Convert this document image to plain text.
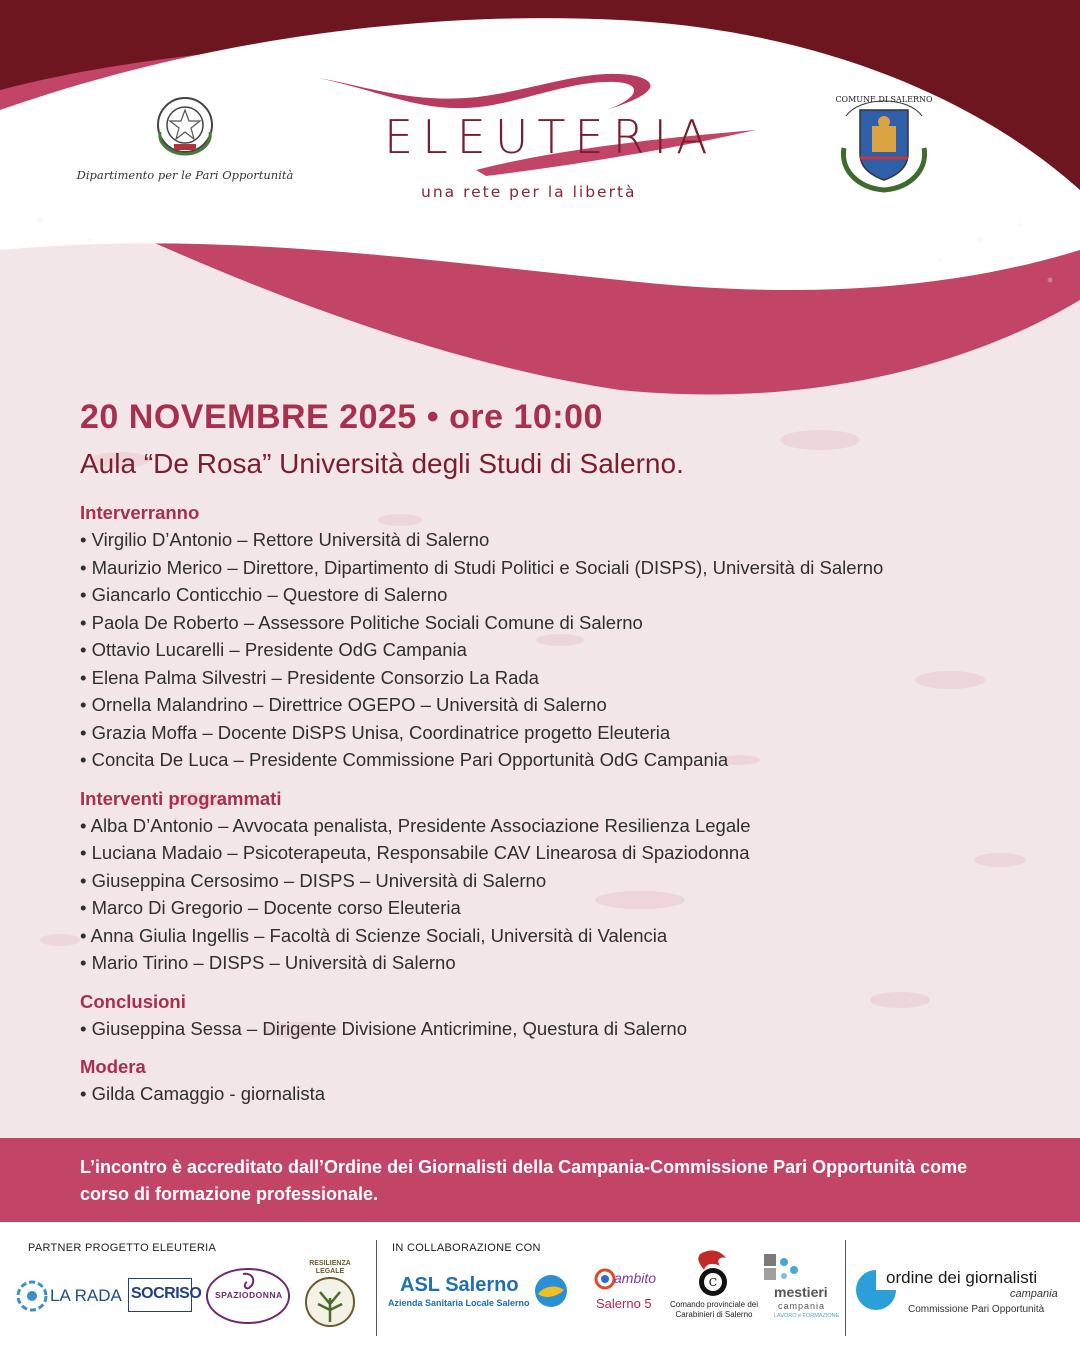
Dipartimento per le Pari Opportunità
ELEUTERIA
una rete per la libertà
COMUNE DI SALERNO
20 NOVEMBRE 2025 • ore 10:00
Aula “De Rosa” Università degli Studi di Salerno.
Interverranno
• Virgilio D’Antonio – Rettore Università di Salerno
• Maurizio Merico – Direttore, Dipartimento di Studi Politici e Sociali (DISPS), Università di Salerno
• Giancarlo Conticchio – Questore di Salerno
• Paola De Roberto – Assessore Politiche Sociali Comune di Salerno
• Ottavio Lucarelli – Presidente OdG Campania
• Elena Palma Silvestri – Presidente Consorzio La Rada
• Ornella Malandrino – Direttrice OGEPO – Università di Salerno
• Grazia Moffa – Docente DiSPS Unisa, Coordinatrice progetto Eleuteria
• Concita De Luca – Presidente Commissione Pari Opportunità OdG Campania
Interventi programmati
• Alba D’Antonio – Avvocata penalista, Presidente Associazione Resilienza Legale
• Luciana Madaio – Psicoterapeuta, Responsabile CAV Linearosa di Spaziodonna
• Giuseppina Cersosimo – DISPS – Università di Salerno
• Marco Di Gregorio – Docente corso Eleuteria
• Anna Giulia Ingellis – Facoltà di Scienze Sociali, Università di Valencia
• Mario Tirino – DISPS – Università di Salerno
Conclusioni
• Giuseppina Sessa – Dirigente Divisione Anticrimine, Questura di Salerno
Modera
• Gilda Camaggio - giornalista

L’incontro è accreditato dall’Ordine dei Giornalisti della Campania-Commissione Pari Opportunità come corso di formazione professionale.

PARTNER PROGETTO ELEUTERIA	IN COLLABORAZIONE CON
LA RADA SOCRISO SPAZIODONNA
RESILIENZA LEGALE
ASL Salerno
Azienda Sanitaria Locale Salerno
ambito
Salerno 5
C
Comando provinciale dei Carabinieri di Salerno
mestieri
campania
LAVORO e FORMAZIONE
ordine dei giornalisti
campania
Commissione Pari Opportunità
